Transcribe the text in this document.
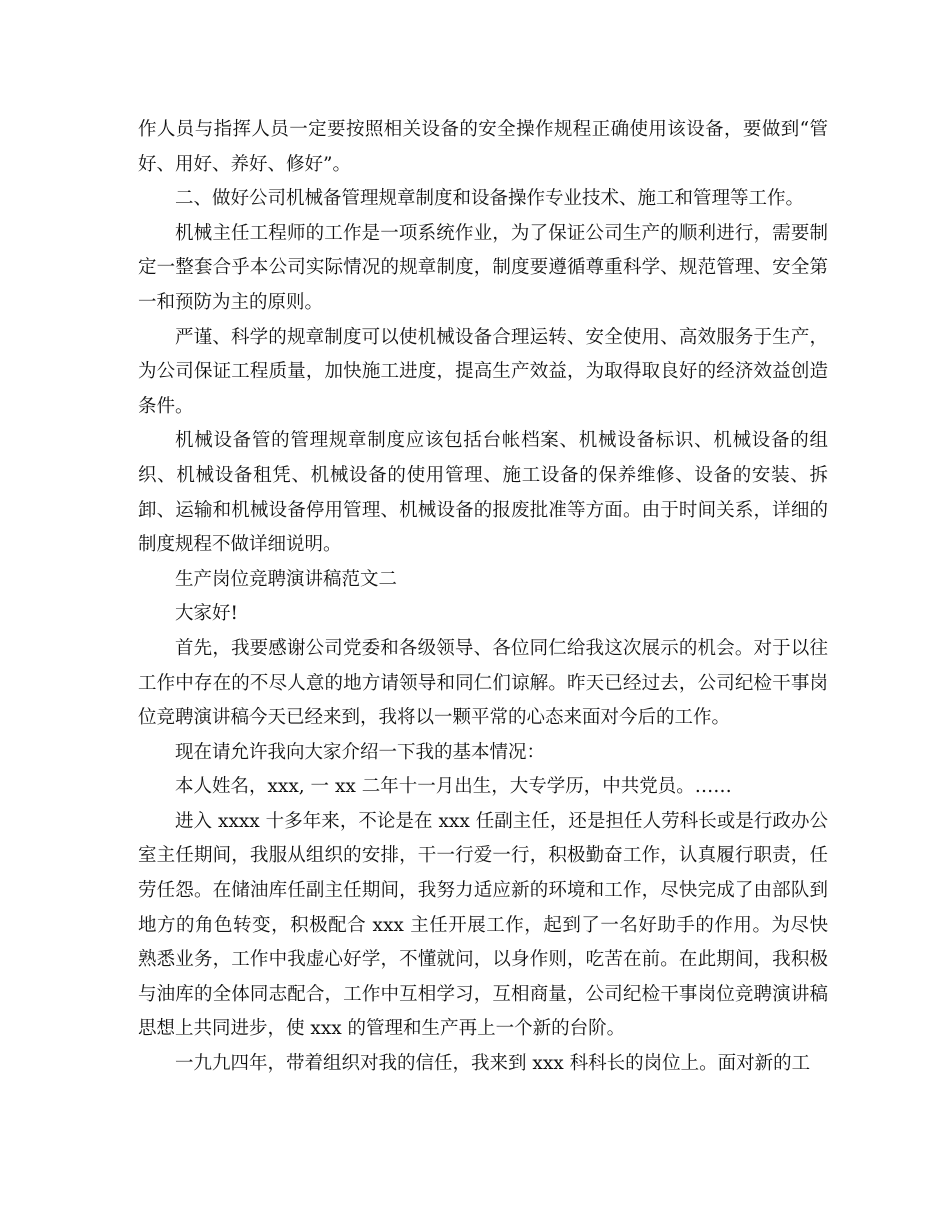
作人员与指挥人员一定要按照相关设备的安全操作规程正确使用该设备，要做到“管好、用好、养好、修好”。

二、做好公司机械备管理规章制度和设备操作专业技术、施工和管理等工作。

机械主任工程师的工作是一项系统作业，为了保证公司生产的顺利进行，需要制定一整套合乎本公司实际情况的规章制度，制度要遵循尊重科学、规范管理、安全第一和预防为主的原则。

严谨、科学的规章制度可以使机械设备合理运转、安全使用、高效服务于生产，为公司保证工程质量，加快施工进度，提高生产效益，为取得取良好的经济效益创造条件。

机械设备管的管理规章制度应该包括台帐档案、机械设备标识、机械设备的组织、机械设备租凭、机械设备的使用管理、施工设备的保养维修、设备的安装、拆卸、运输和机械设备停用管理、机械设备的报废批准等方面。由于时间关系，详细的制度规程不做详细说明。

生产岗位竞聘演讲稿范文二

大家好!

首先，我要感谢公司党委和各级领导、各位同仁给我这次展示的机会。对于以往工作中存在的不尽人意的地方请领导和同仁们谅解。昨天已经过去，公司纪检干事岗位竞聘演讲稿今天已经来到，我将以一颗平常的心态来面对今后的工作。

现在请允许我向大家介绍一下我的基本情况：

本人姓名，xxx, 一 xx 二年十一月出生，大专学历，中共党员。……

进入 xxxx 十多年来，不论是在 xxx 任副主任，还是担任人劳科长或是行政办公室主任期间，我服从组织的安排，干一行爱一行，积极勤奋工作，认真履行职责，任劳任怨。在储油库任副主任期间，我努力适应新的环境和工作，尽快完成了由部队到地方的角色转变，积极配合 xxx 主任开展工作，起到了一名好助手的作用。为尽快熟悉业务，工作中我虚心好学，不懂就问，以身作则，吃苦在前。在此期间，我积极与油库的全体同志配合，工作中互相学习，互相商量，公司纪检干事岗位竞聘演讲稿思想上共同进步，使 xxx 的管理和生产再上一个新的台阶。

一九九四年，带着组织对我的信任，我来到 xxx 科科长的岗位上。面对新的工
